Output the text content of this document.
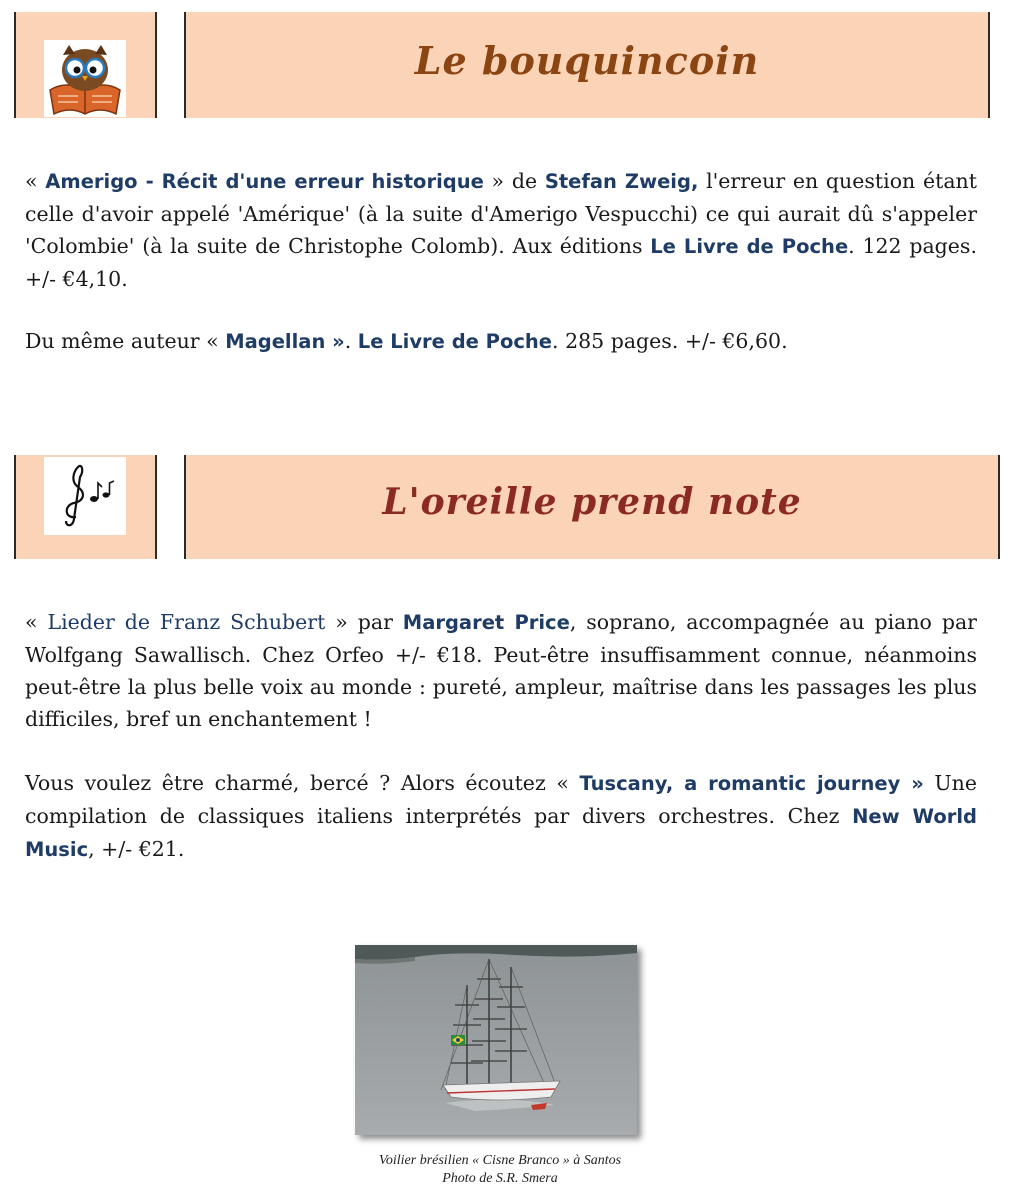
Le bouquincoin

« Amerigo - Récit d'une erreur historique » de Stefan Zweig, l'erreur en question étant celle d'avoir appelé 'Amérique' (à la suite d'Amerigo Vespucchi) ce qui aurait dû s'appeler 'Colombie' (à la suite de Christophe Colomb). Aux éditions Le Livre de Poche. 122 pages. +/- €4,10.

Du même auteur « Magellan ». Le Livre de Poche. 285 pages. +/- €6,60.

L'oreille prend note

« Lieder de Franz Schubert » par Margaret Price, soprano, accompagnée au piano par Wolfgang Sawallisch. Chez Orfeo +/- €18. Peut-être insuffisamment connue, néanmoins peut-être la plus belle voix au monde : pureté, ampleur, maîtrise dans les passages les plus difficiles, bref un enchantement !

Vous voulez être charmé, bercé ? Alors écoutez « Tuscany, a romantic journey » Une compilation de classiques italiens interprétés par divers orchestres. Chez New World Music, +/- €21.

Voilier brésilien « Cisne Branco » à Santos
Photo de S.R. Smera
